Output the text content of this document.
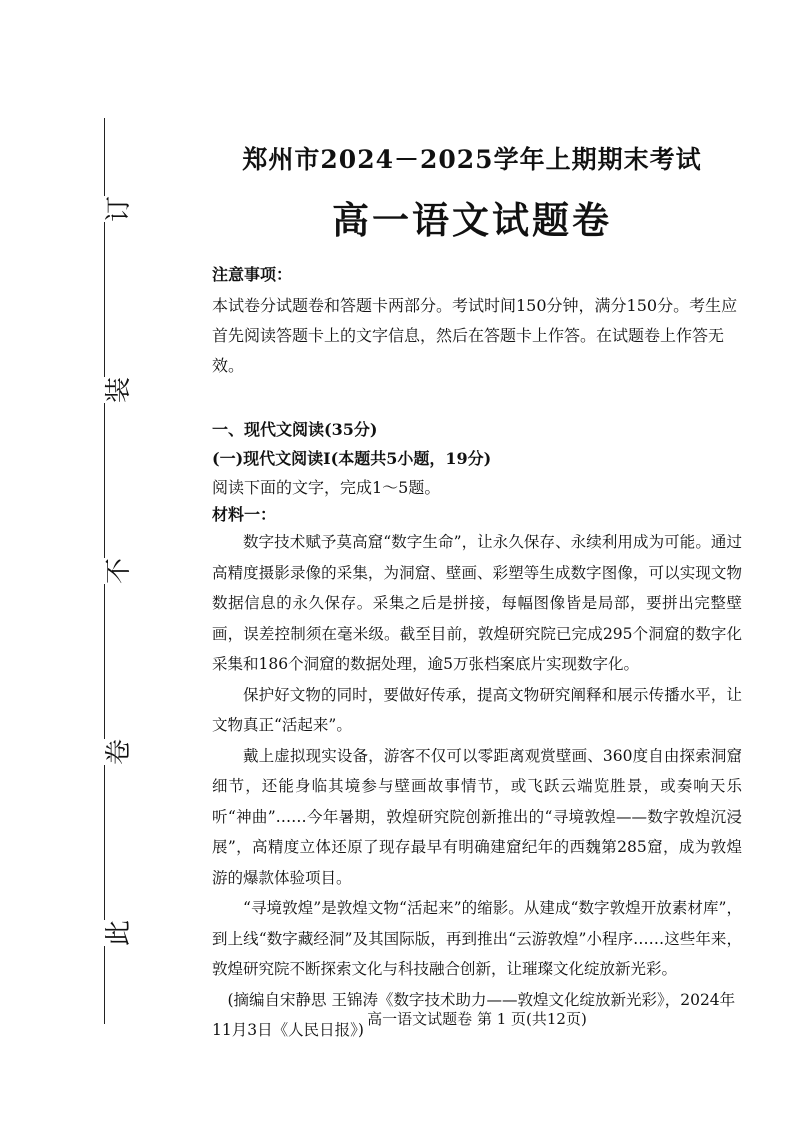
此
卷
不
装
订
郑州市2024－2025学年上期期末考试
高一语文试题卷

注意事项：

本试卷分试题卷和答题卡两部分。考试时间150分钟，满分150分。考生应首先阅读答题卡上的文字信息，然后在答题卡上作答。在试题卷上作答无效。

一、现代文阅读(35分)

(一)现代文阅读Ⅰ(本题共5小题，19分)

阅读下面的文字，完成1～5题。

材料一：

数字技术赋予莫高窟“数字生命”，让永久保存、永续利用成为可能。通过高精度摄影录像的采集，为洞窟、壁画、彩塑等生成数字图像，可以实现文物数据信息的永久保存。采集之后是拼接，每幅图像皆是局部，要拼出完整壁画，误差控制须在毫米级。截至目前，敦煌研究院已完成295个洞窟的数字化采集和186个洞窟的数据处理，逾5万张档案底片实现数字化。

保护好文物的同时，要做好传承，提高文物研究阐释和展示传播水平，让文物真正“活起来”。

戴上虚拟现实设备，游客不仅可以零距离观赏壁画、360度自由探索洞窟细节，还能身临其境参与壁画故事情节，或飞跃云端览胜景，或奏响天乐听“神曲”……今年暑期，敦煌研究院创新推出的“寻境敦煌——数字敦煌沉浸展”，高精度立体还原了现存最早有明确建窟纪年的西魏第285窟，成为敦煌游的爆款体验项目。

“寻境敦煌”是敦煌文物“活起来”的缩影。从建成“数字敦煌开放素材库”，到上线“数字藏经洞”及其国际版，再到推出“云游敦煌”小程序……这些年来，敦煌研究院不断探索文化与科技融合创新，让璀璨文化绽放新光彩。

(摘编自宋静思 王锦涛《数字技术助力——敦煌文化绽放新光彩》，2024年11月3日《人民日报》)

高一语文试题卷 第 1 页(共12页)
